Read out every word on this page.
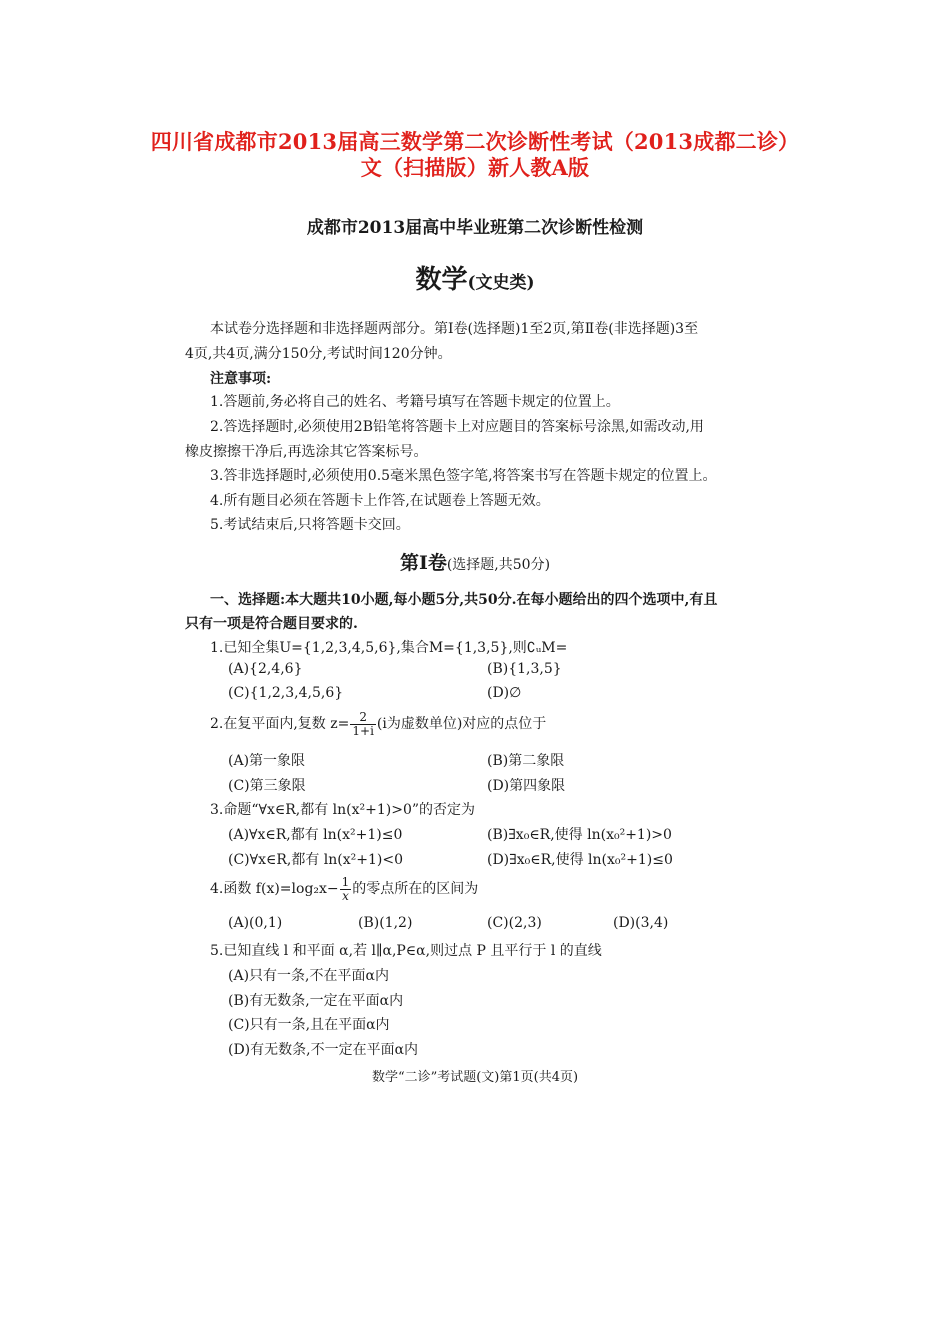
四川省成都市2013届高三数学第二次诊断性考试（2013成都二诊）
文（扫描版）新人教A版
成都市2013届高中毕业班第二次诊断性检测
数学(文史类)
本试卷分选择题和非选择题两部分。第Ⅰ卷(选择题)1至2页,第Ⅱ卷(非选择题)3至
4页,共4页,满分150分,考试时间120分钟。
注意事项:
1.答题前,务必将自己的姓名、考籍号填写在答题卡规定的位置上。
2.答选择题时,必须使用2B铅笔将答题卡上对应题目的答案标号涂黑,如需改动,用
橡皮擦擦干净后,再选涂其它答案标号。
3.答非选择题时,必须使用0.5毫米黑色签字笔,将答案书写在答题卡规定的位置上。
4.所有题目必须在答题卡上作答,在试题卷上答题无效。
5.考试结束后,只将答题卡交回。
第Ⅰ卷(选择题,共50分)
一、选择题:本大题共10小题,每小题5分,共50分.在每小题给出的四个选项中,有且
只有一项是符合题目要求的.
1.已知全集U={1,2,3,4,5,6},集合M={1,3,5},则∁ᵤM=
(A){2,4,6}	(B){1,3,5}
(C){1,2,3,4,5,6}	(D)∅
2.在复平面内,复数 $z= \frac{2}{1+i} (i$为虚数单位)对应的点位于
(A)第一象限	(B)第二象限
(C)第三象限	(D)第四象限
3.命题“∀x∈R,都有 ln(x²+1)>0”的否定为
(A)∀x∈R,都有 ln(x²+1)≤0	(B)∃x₀∈R,使得 ln(x₀²+1)>0
(C)∀x∈R,都有 ln(x²+1)<0	(D)∃x₀∈R,使得 ln(x₀²+1)≤0
4.函数 $f(x)=\log_2x- \frac{1}{x}$ 的零点所在的区间为
(A)(0,1)	(B)(1,2)	(C)(2,3)	(D)(3,4)
5.已知直线 l 和平面 α,若 l∥α,P∈α,则过点 P 且平行于 l 的直线
(A)只有一条,不在平面α内
(B)有无数条,一定在平面α内
(C)只有一条,且在平面α内
(D)有无数条,不一定在平面α内
数学“二诊”考试题(文)第1页(共4页)
